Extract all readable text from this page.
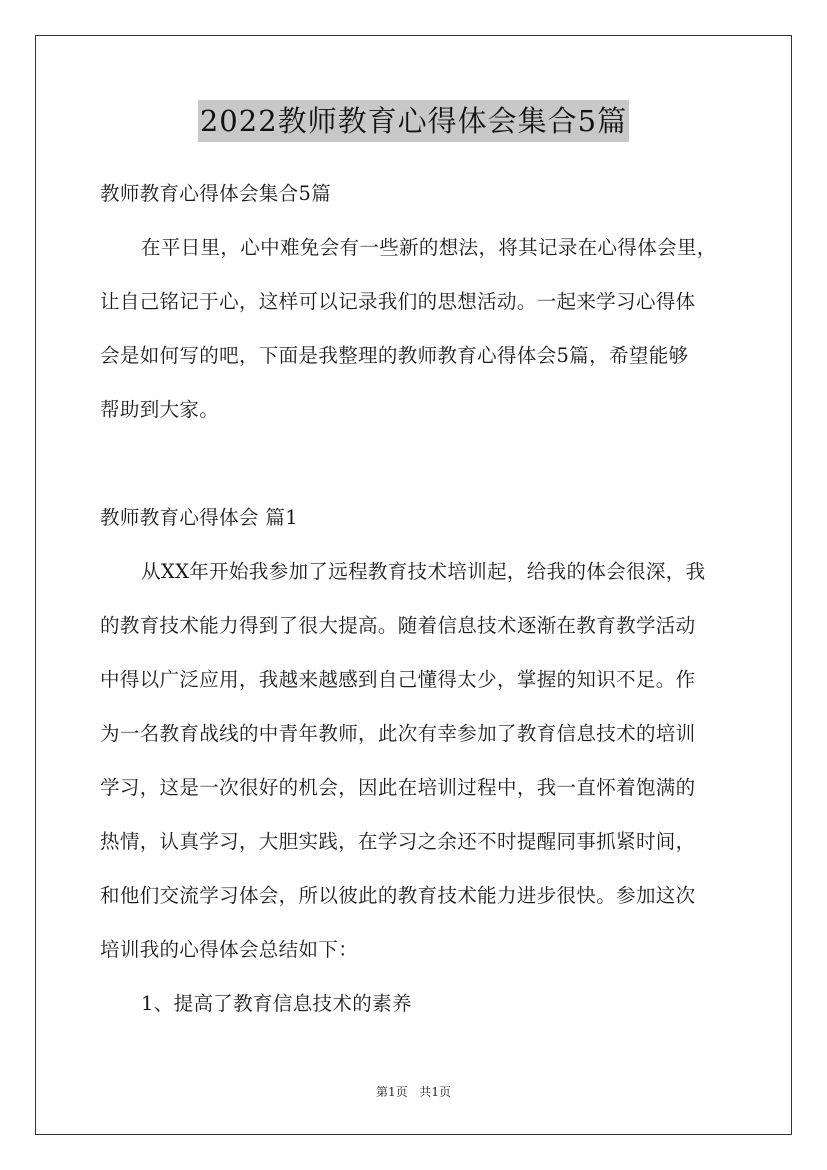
2022教师教育心得体会集合5篇
教师教育心得体会集合5篇
在平日里，心中难免会有一些新的想法，将其记录在心得体会里，
让自己铭记于心，这样可以记录我们的思想活动。一起来学习心得体
会是如何写的吧，下面是我整理的教师教育心得体会5篇，希望能够
帮助到大家。
教师教育心得体会 篇1
从XX年开始我参加了远程教育技术培训起，给我的体会很深，我
的教育技术能力得到了很大提高。随着信息技术逐渐在教育教学活动
中得以广泛应用，我越来越感到自己懂得太少，掌握的知识不足。作
为一名教育战线的中青年教师，此次有幸参加了教育信息技术的培训
学习，这是一次很好的机会，因此在培训过程中，我一直怀着饱满的
热情，认真学习，大胆实践，在学习之余还不时提醒同事抓紧时间，
和他们交流学习体会，所以彼此的教育技术能力进步很快。参加这次
培训我的心得体会总结如下：
1、提高了教育信息技术的素养
第1页 共1页
